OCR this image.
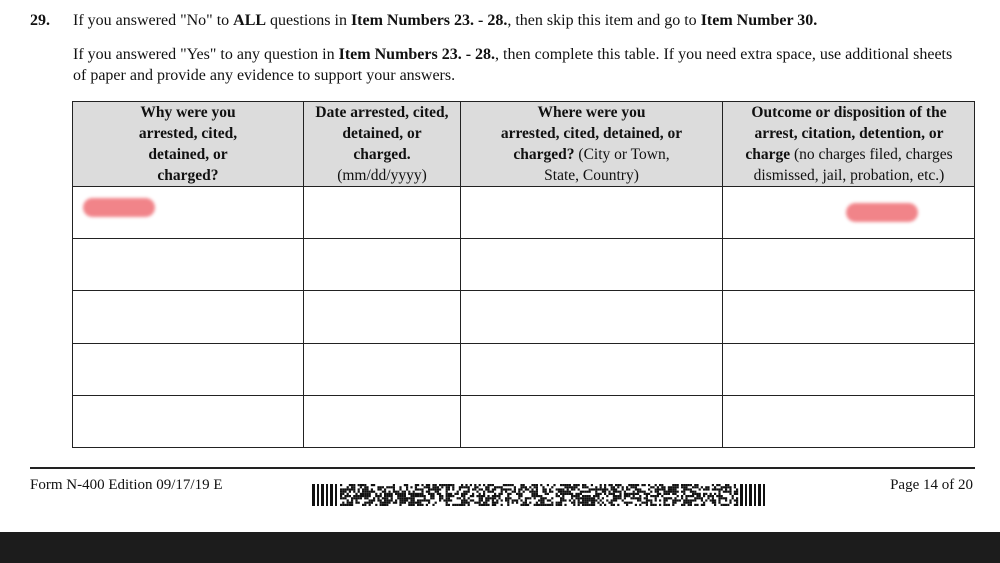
29. If you answered "No" to ALL questions in Item Numbers 23. - 28., then skip this item and go to Item Number 30.
If you answered "Yes" to any question in Item Numbers 23. - 28., then complete this table. If you need extra space, use additional sheets of paper and provide any evidence to support your answers.
Why were you
arrested, cited,
detained, or
charged?
Date arrested, cited,
detained, or
charged.
(mm/dd/yyyy)
Where were you
arrested, cited, detained, or
charged? (City or Town,
State, Country)
Outcome or disposition of the
arrest, citation, detention, or
charge (no charges filed, charges
dismissed, jail, probation, etc.)
Form N-400 Edition 09/17/19 E	Page 14 of 20
